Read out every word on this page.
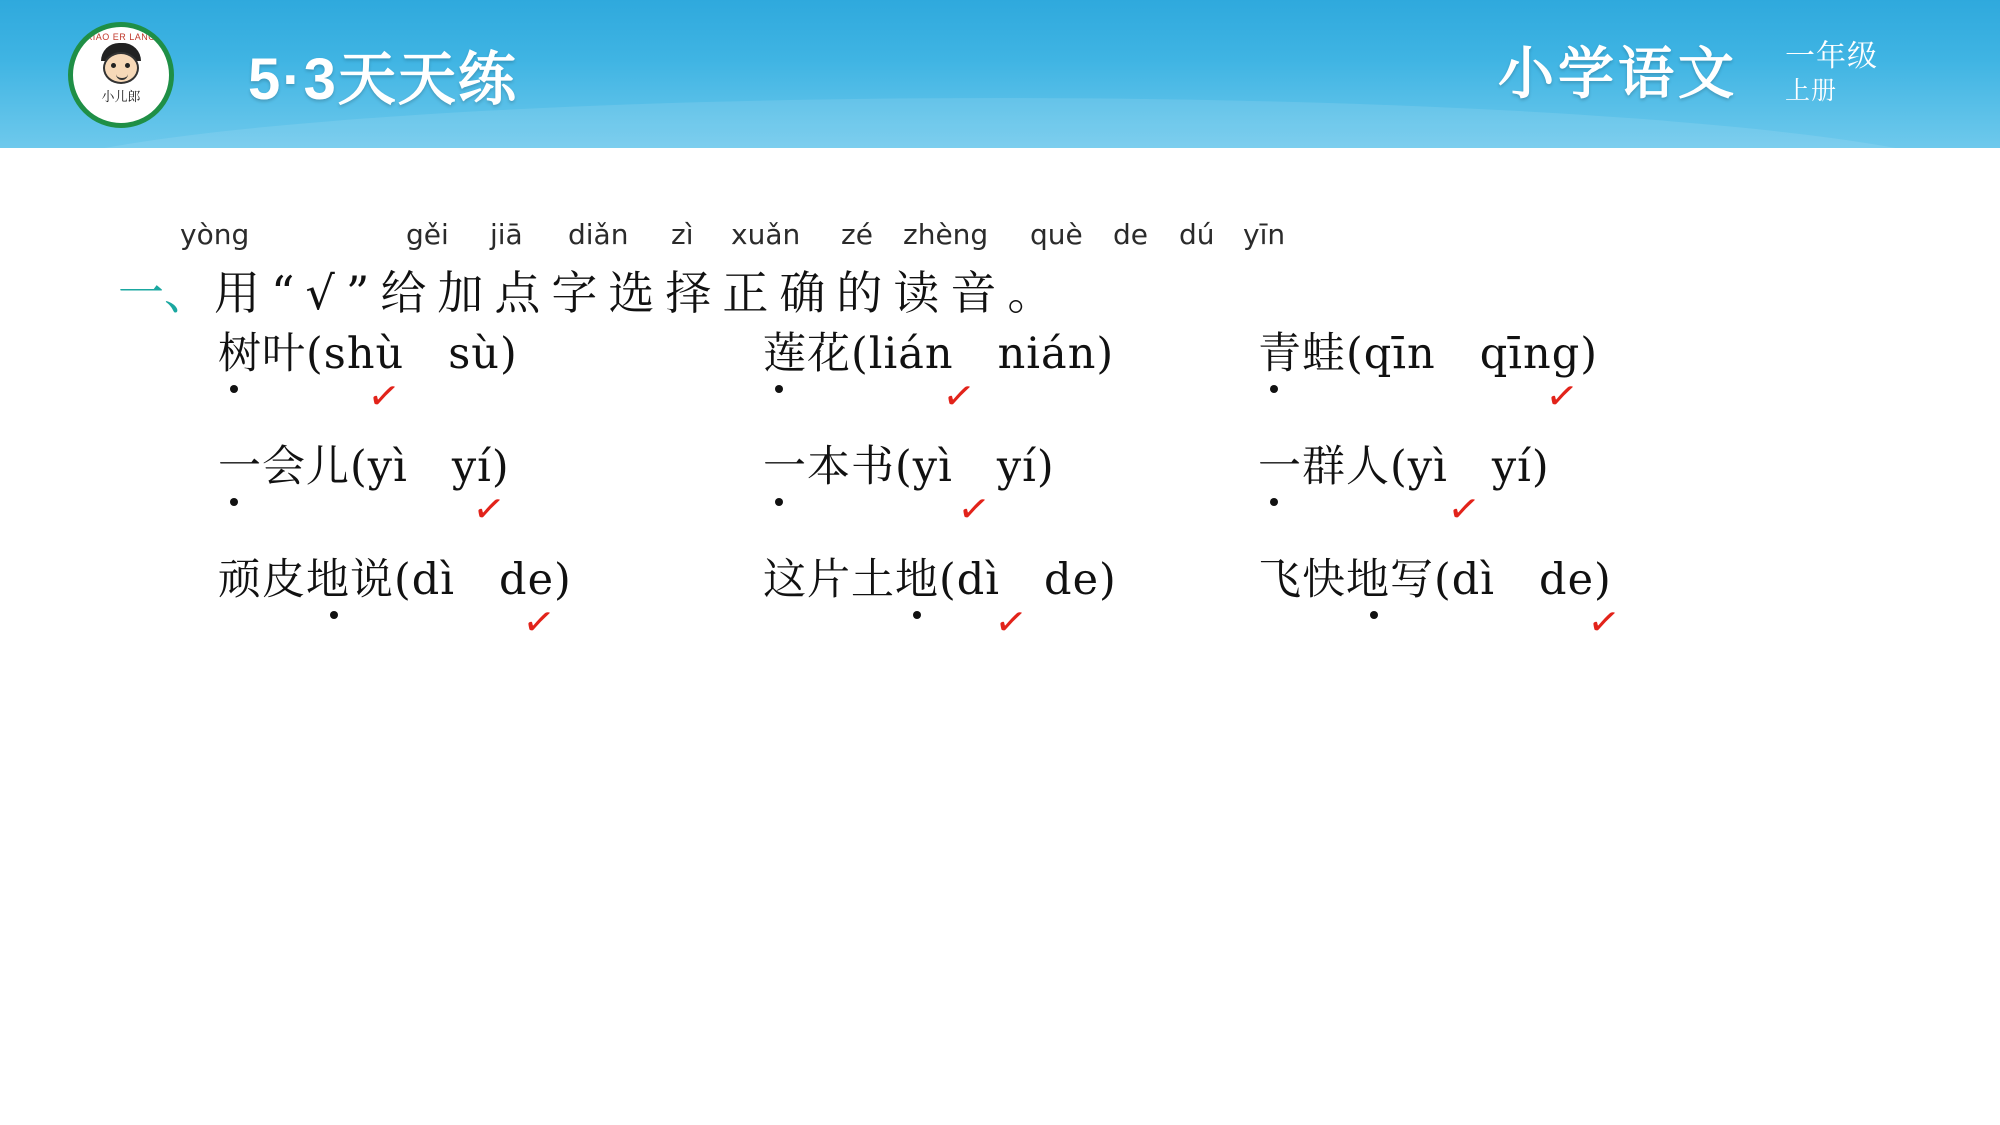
XIAO ER LANG
小儿郎 5·3天天练	小学语文 一年级
上册
yòng	gěi jiā diǎn zì xuǎn zé zhèng què de dú yīn
一、 用“√”给加点字选择正确的读音。
树叶(shù　sù)
✓
莲花(lián　nián)
✓
青蛙(qīn　qīng)
✓
一会儿(yì　yí)
✓
一本书(yì　yí)
✓
一群人(yì　yí)
✓
顽皮地说(dì　de)
✓
这片土地(dì　de)
✓
飞快地写(dì　de)
✓
